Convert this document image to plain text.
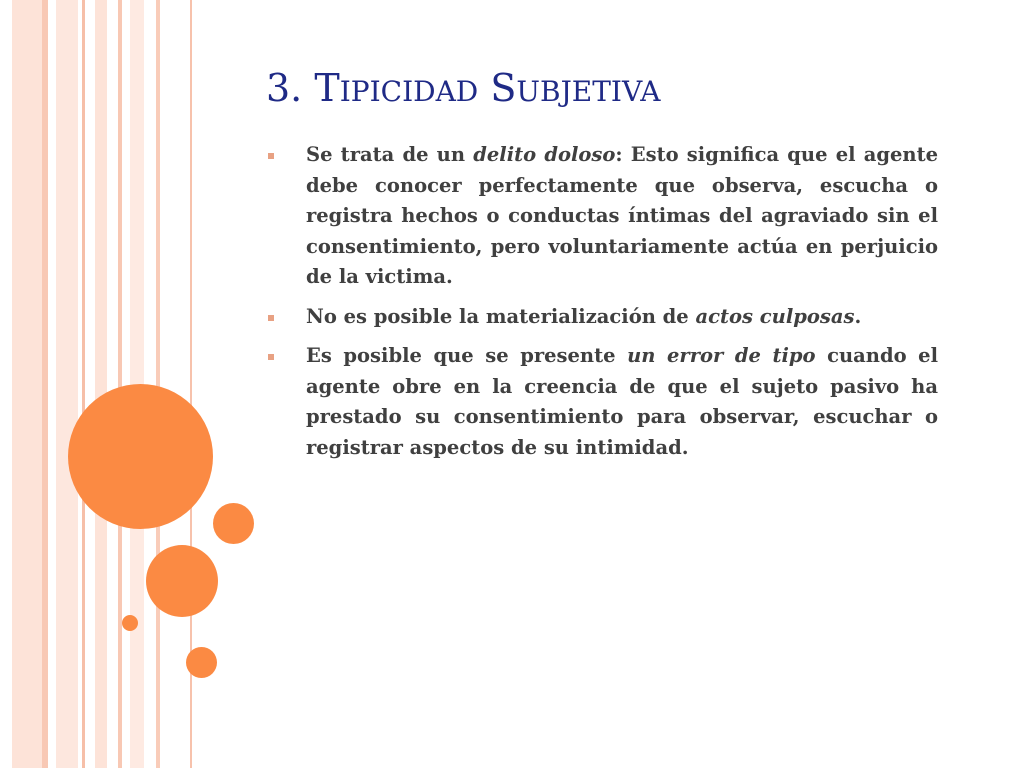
3. TIPICIDAD SUBJETIVA
Se trata de un delito doloso: Esto significa que el agente debe conocer perfectamente que observa, escucha o registra hechos o conductas íntimas del agraviado sin el consentimiento, pero voluntariamente actúa en perjuicio de la victima.
No es posible la materialización de actos culposas.
Es posible que se presente un error de tipo cuando el agente obre en la creencia de que el sujeto pasivo ha prestado su consentimiento para observar, escuchar o registrar aspectos de su intimidad.
